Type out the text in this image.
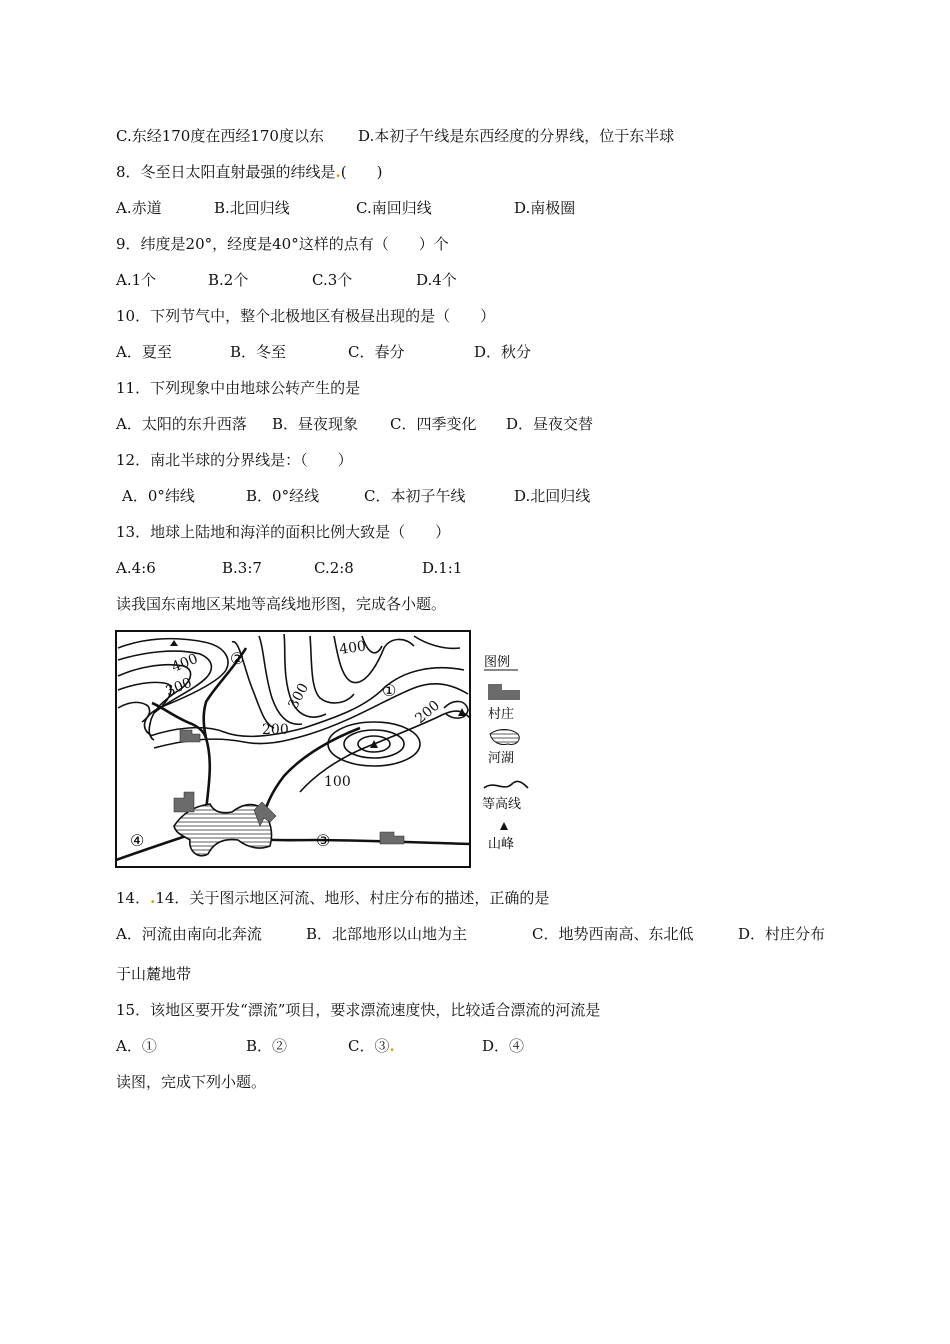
C.东经170度在西经170度以东 D.本初子午线是东西经度的分界线，位于东半球
8．冬至日太阳直射最强的纬线是.(　　)
A.赤道	B.北回归线	C.南回归线	D.南极圈
9．纬度是20°，经度是40°这样的点有（　　）个
A.1个	B.2个	C.3个	D.4个
10．下列节气中，整个北极地区有极昼出现的是（　　）
A．夏至	B．冬至	C．春分	D．秋分
11．下列现象中由地球公转产生的是
A．太阳的东升西落 B．昼夜现象 C．四季变化 D．昼夜交替
12．南北半球的分界线是：（　　）
A．0°纬线	B．0°经线	C．本初子午线	D.北回归线
13．地球上陆地和海洋的面积比例大致是（　　）
A.4:6	B.3:7	C.2:8	D.1:1
读我国东南地区某地等高线地形图，完成各小题。
400
400
300	300
200
200
100
①
②
③
④
图例
村庄
河湖
等高线
山峰
14．.14．关于图示地区河流、地形、村庄分布的描述，正确的是
A．河流由南向北奔流	B．北部地形以山地为主	C．地势西南高、东北低	D．村庄分布
于山麓地带
15．该地区要开发“漂流”项目，要求漂流速度快，比较适合漂流的河流是
A．①	B．②	C．③.	D．④
读图，完成下列小题。
